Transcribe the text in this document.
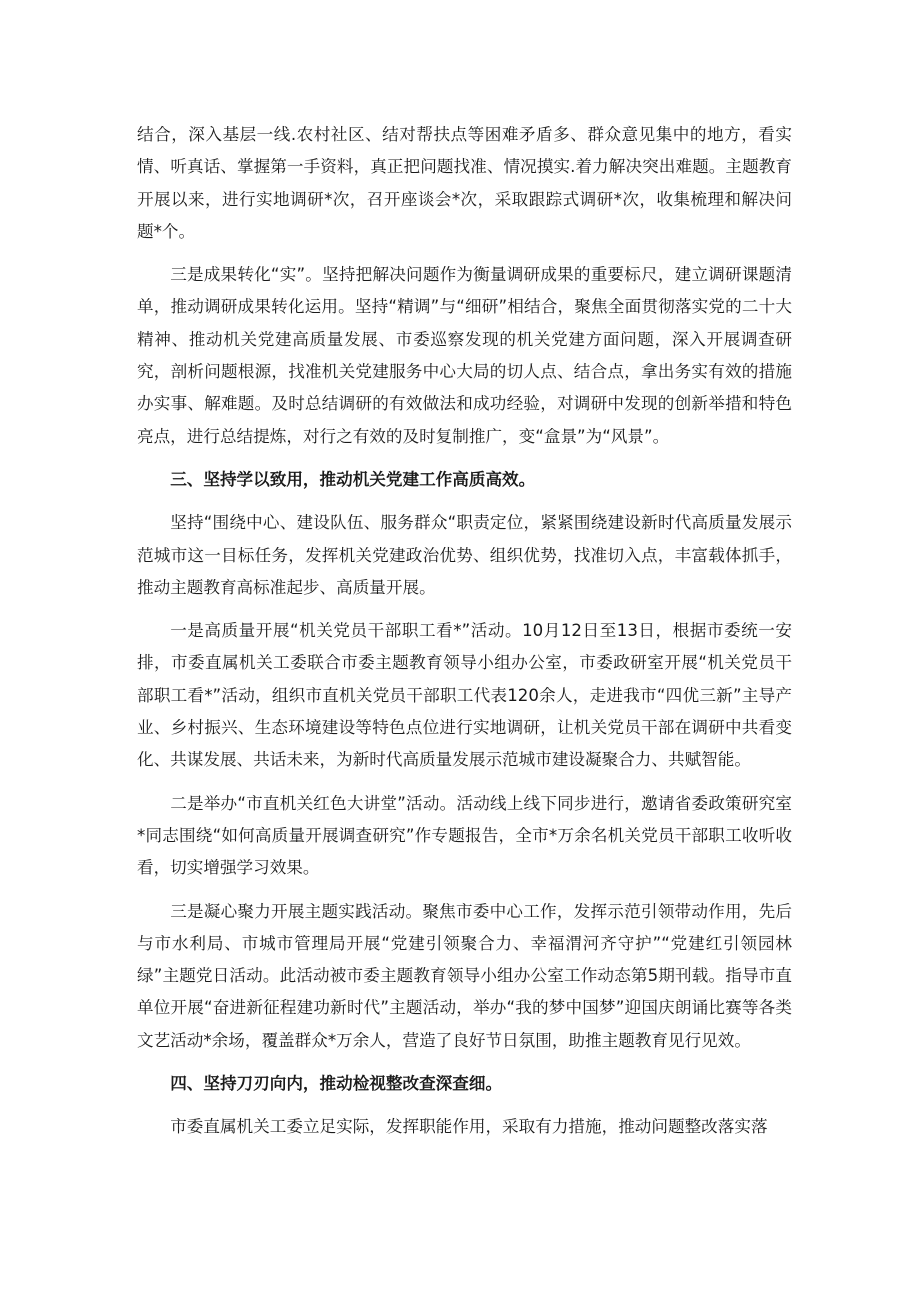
结合，深入基层一线.农村社区、结对帮扶点等困难矛盾多、群众意见集中的地方，看实情、听真话、掌握第一手资料，真正把问题找准、情况摸实.着力解决突出难题。主题教育开展以来，进行实地调研*次，召开座谈会*次，采取跟踪式调研*次，收集梳理和解决问题*个。

三是成果转化“实”。坚持把解决问题作为衡量调研成果的重要标尺，建立调研课题清单，推动调研成果转化运用。坚持“精调”与“细研”相结合，聚焦全面贯彻落实党的二十大精神、推动机关党建高质量发展、市委巡察发现的机关党建方面问题，深入开展调查研究，剖析问题根源，找准机关党建服务中心大局的切人点、结合点，拿出务实有效的措施办实事、解难题。及时总结调研的有效做法和成功经验，对调研中发现的创新举措和特色亮点，进行总结提炼，对行之有效的及时复制推广，变“盒景”为“风景”。

三、坚持学以致用，推动机关党建工作高质高效。

坚持“围绕中心、建设队伍、服务群众“职责定位，紧紧围绕建设新时代高质量发展示范城市这一目标任务，发挥机关党建政治优势、组织优势，找准切入点，丰富载体抓手，推动主题教育高标准起步、高质量开展。

一是高质量开展“机关党员干部职工看*”活动。10月12日至13日，根据市委统一安排，市委直属机关工委联合市委主题教育领导小组办公室，市委政研室开展“机关党员干部职工看*”活动，组织市直机关党员干部职工代表120余人，走进我市“四优三新”主导产业、乡村振兴、生态环境建设等特色点位进行实地调研，让机关党员干部在调研中共看变化、共谋发展、共话未来，为新时代高质量发展示范城市建设凝聚合力、共赋智能。

二是举办“市直机关红色大讲堂”活动。活动线上线下同步进行，邀请省委政策研究室*同志围绕“如何高质量开展调查研究”作专题报告，全市*万余名机关党员干部职工收听收看，切实增强学习效果。

三是凝心聚力开展主题实践活动。聚焦市委中心工作，发挥示范引领带动作用，先后与市水利局、市城市管理局开展“党建引领聚合力、幸福渭河齐守护”“党建红引领园林绿”主题党日活动。此活动被市委主题教育领导小组办公室工作动态第5期刊载。指导市直单位开展“奋进新征程建功新时代”主题活动，举办“我的梦中国梦”迎国庆朗诵比赛等各类文艺活动*余场，覆盖群众*万余人，营造了良好节日氛围，助推主题教育见行见效。

四、坚持刀刃向内，推动检视整改查深查细。

市委直属机关工委立足实际，发挥职能作用，采取有力措施，推动问题整改落实落
